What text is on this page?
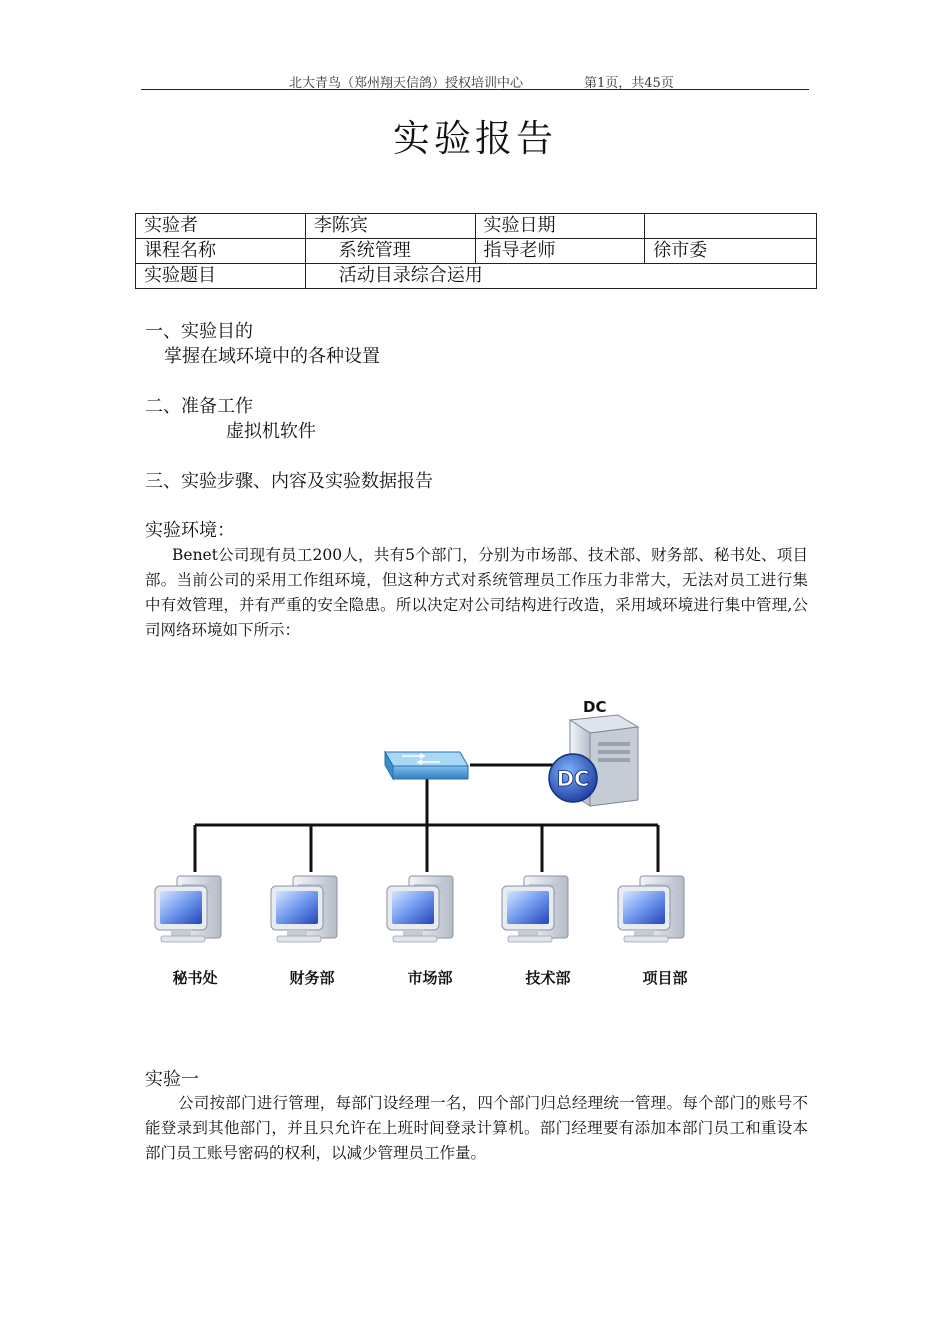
北大青鸟（郑州翔天信鸽）授权培训中心	第1页，共45页
实验报告
实验者	李陈宾	实验日期	
课程名称	系统管理	指导老师	徐市委
实验题目	活动目录综合运用		
一、实验目的
掌握在域环境中的各种设置
二、准备工作
虚拟机软件
三、实验步骤、内容及实验数据报告
实验环境：
Benet公司现有员工200人，共有5个部门，分别为市场部、技术部、财务部、秘书处、项目部。当前公司的采用工作组环境，但这种方式对系统管理员工作压力非常大，无法对员工进行集中有效管理，并有严重的安全隐患。所以决定对公司结构进行改造，采用域环境进行集中管理,公司网络环境如下所示：
DC
DC
秘书处	财务部	市场部	技术部	项目部
实验一
公司按部门进行管理，每部门设经理一名，四个部门归总经理统一管理。每个部门的账号不能登录到其他部门，并且只允许在上班时间登录计算机。部门经理要有添加本部门员工和重设本部门员工账号密码的权利，以减少管理员工作量。
